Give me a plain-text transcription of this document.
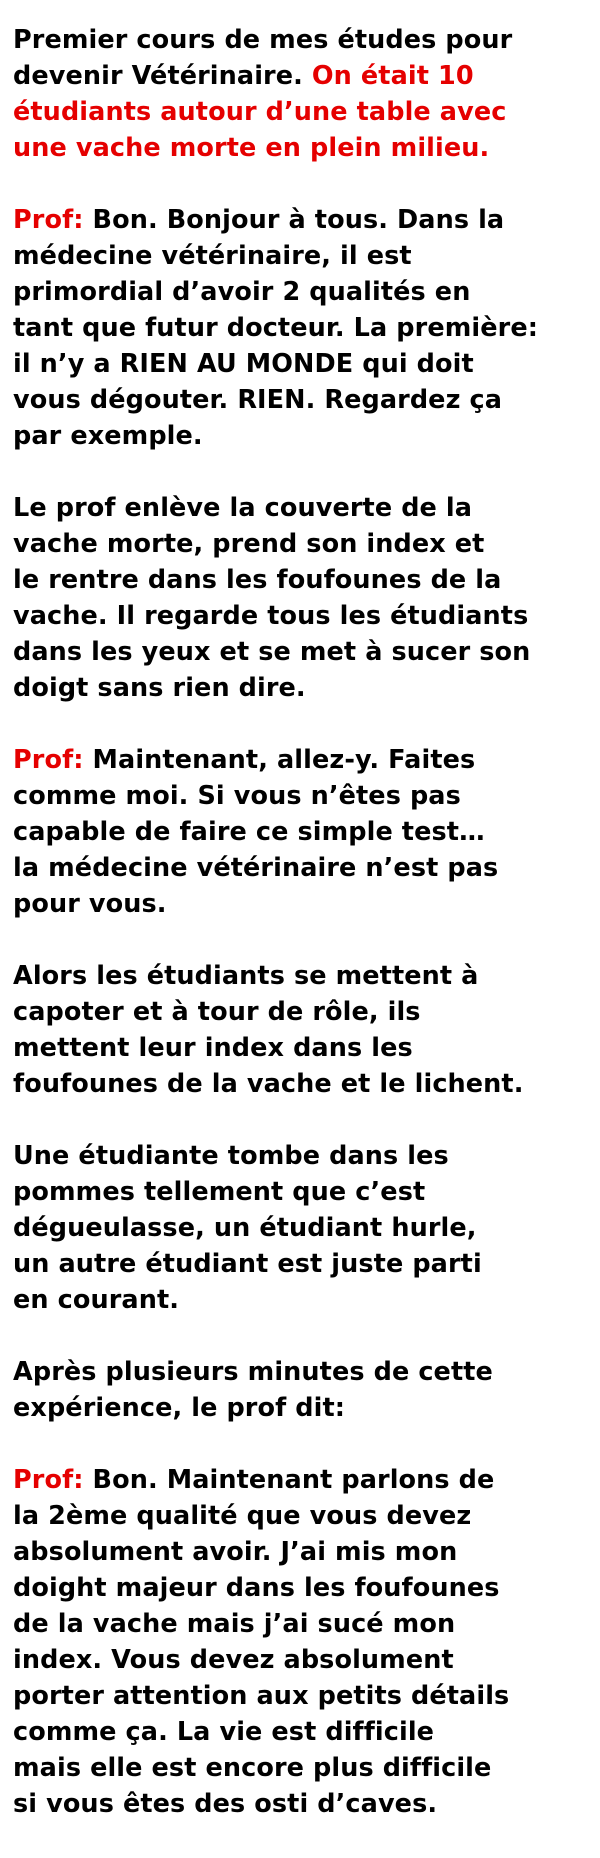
Premier cours de mes études pour
devenir Vétérinaire. On était 10
étudiants autour d’une table avec
une vache morte en plein milieu.
Prof: Bon. Bonjour à tous. Dans la
médecine vétérinaire, il est
primordial d’avoir 2 qualités en
tant que futur docteur. La première:
il n’y a RIEN AU MONDE qui doit
vous dégouter. RIEN. Regardez ça
par exemple.
Le prof enlève la couverte de la
vache morte, prend son index et
le rentre dans les foufounes de la
vache. Il regarde tous les étudiants
dans les yeux et se met à sucer son
doigt sans rien dire.
Prof: Maintenant, allez-y. Faites
comme moi. Si vous n’êtes pas
capable de faire ce simple test…
la médecine vétérinaire n’est pas
pour vous.
Alors les étudiants se mettent à
capoter et à tour de rôle, ils
mettent leur index dans les
foufounes de la vache et le lichent.
Une étudiante tombe dans les
pommes tellement que c’est
dégueulasse, un étudiant hurle,
un autre étudiant est juste parti
en courant.
Après plusieurs minutes de cette
expérience, le prof dit:
Prof: Bon. Maintenant parlons de
la 2ème qualité que vous devez
absolument avoir. J’ai mis mon
doight majeur dans les foufounes
de la vache mais j’ai sucé mon
index. Vous devez absolument
porter attention aux petits détails
comme ça. La vie est difficile
mais elle est encore plus difficile
si vous êtes des osti d’caves.
